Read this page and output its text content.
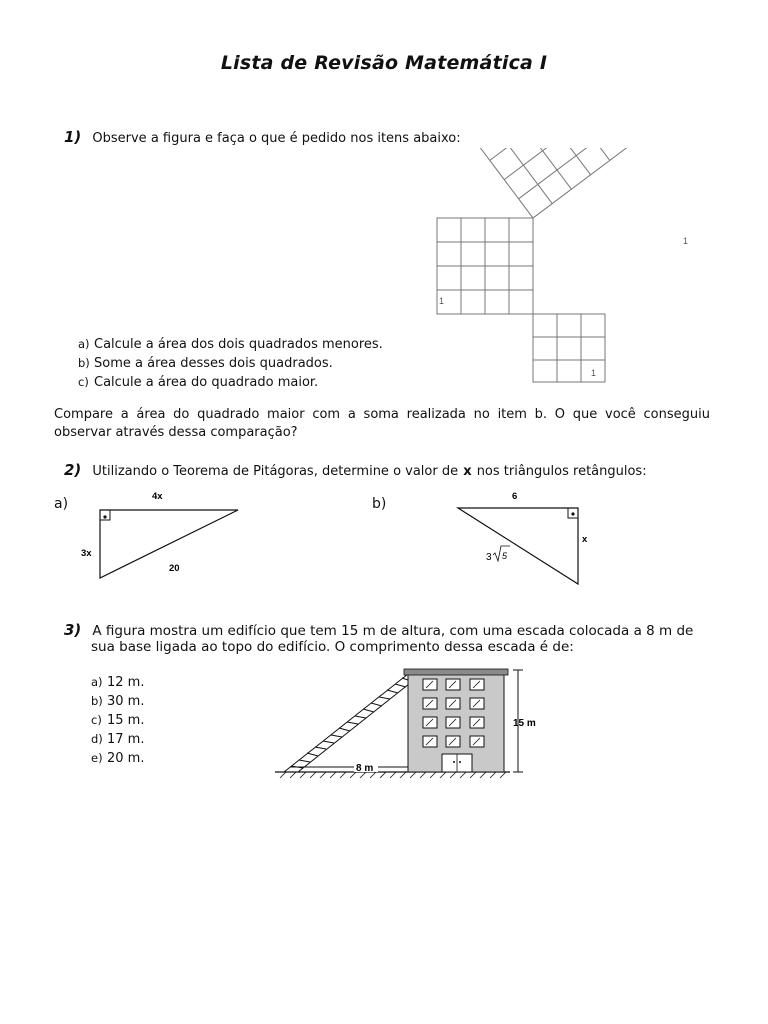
Lista de Revisão Matemática I
1) Observe a figura e faça o que é pedido nos itens abaixo:
1
1
1
a) Calcule a área dos dois quadrados menores.
b) Some a área desses dois quadrados.
c) Calcule a área do quadrado maior.
Compare a área do quadrado maior com a soma realizada no item b. O que você conseguiu
observar através dessa comparação?
2) Utilizando o Teorema de Pitágoras, determine o valor de x nos triângulos retângulos:
a)	4x
3x
20
b)	6
x
3 5
3) A figura mostra um edifício que tem 15 m de altura, com uma escada colocada a 8 m de
sua base ligada ao topo do edifício. O comprimento dessa escada é de:
a) 12 m.
b) 30 m.
c) 15 m.
d) 17 m.
e) 20 m.
15 m
8 m
